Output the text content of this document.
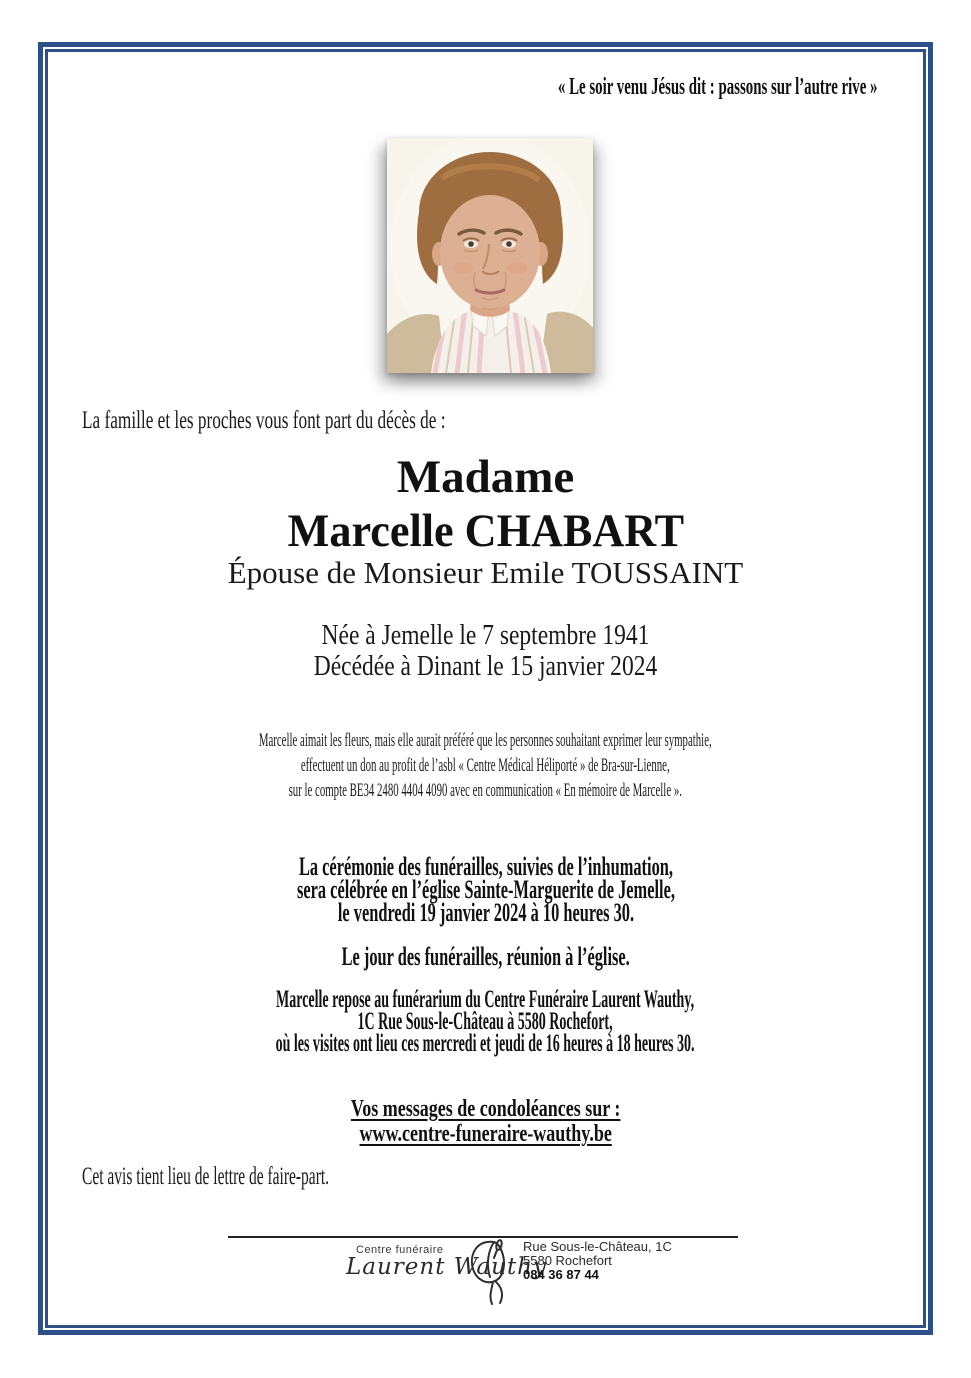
« Le soir venu Jésus dit : passons sur l’autre rive »
La famille et les proches vous font part du décès de :
Madame
Marcelle CHABART
Épouse de Monsieur Emile TOUSSAINT
Née à Jemelle le 7 septembre 1941
Décédée à Dinant le 15 janvier 2024
Marcelle aimait les fleurs, mais elle aurait préféré que les personnes souhaitant exprimer leur sympathie,
effectuent un don au profit de l’asbl « Centre Médical Héliporté » de Bra-sur-Lienne,
sur le compte BE34 2480 4404 4090 avec en communication « En mémoire de Marcelle ».
La cérémonie des funérailles, suivies de l’inhumation,
sera célébrée en l’église Sainte-Marguerite de Jemelle,
le vendredi 19 janvier 2024 à 10 heures 30.
Le jour des funérailles, réunion à l’église.
Marcelle repose au funérarium du Centre Funéraire Laurent Wauthy,
1C Rue Sous-le-Château à 5580 Rochefort,
où les visites ont lieu ces mercredi et jeudi de 16 heures à 18 heures 30.
Vos messages de condoléances sur :
www.centre-funeraire-wauthy.be
Cet avis tient lieu de lettre de faire-part.
Centre funéraire
Laurent Wauthy
Rue Sous-le-Château, 1C
5580 Rochefort
084 36 87 44
